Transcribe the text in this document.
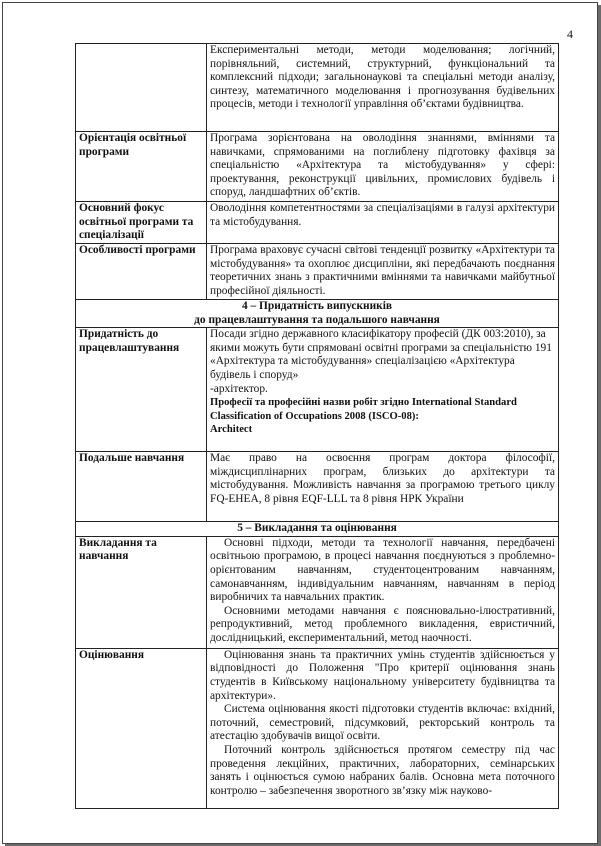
4
	Експериментальні методи, методи моделювання; логічний, порівняльний, системний, структурний, функціональний та комплексний підходи; загальнонаукові та спеціальні методи аналізу, синтезу, математичного моделювання і прогнозування будівельних процесів, методи і технології управління об’єктами будівництва.
Орієнтація освітньої програми	Програма зорієнтована на оволодіння знаннями, вміннями та навичками, спрямованими на поглиблену підготовку фахівця за спеціальністю «Архітектура та містобудування» у сфері: проектування, реконструкції цивільних, промислових будівель і споруд, ландшафтних об’єктів.
Основний фокус освітньої програми та спеціалізації	Оволодіння компетентностями за спеціалізаціями в галузі архітектури та містобудування.
Особливості програми	Програма враховує сучасні світові тенденції розвитку «Архітектури та містобудування» та охоплює дисципліни, які передбачають поєднання теоретичних знань з практичними вміннями та навичками майбутньої професійної діяльності.

4 – Придатність випускників
до працевлаштування та подальшого навчання	

Придатність до працевлаштування	Посади згідно державного класифікатору професій (ДК 003:2010), за якими можуть бути спрямовані освітні програми за спеціальністю 191 «Архітектура та містобудування» спеціалізацією «Архітектура будівель і споруд»
-архітектор.
Професії та професійні назви робіт згідно International Standard Classification of Occupations 2008 (ISCO-08):
Architect

Подальше навчання	Має право на освоєння програм доктора філософії, міждисциплінарних програм, близьких до архітектури та містобудування. Можливість навчання за програмою третього циклу FQ-EHEA, 8 рівня EQF-LLL та 8 рівня НРК України

5 – Викладання та оцінювання	

Викладання та навчання	Основні підходи, методи та технології навчання, передбачені освітньою програмою, в процесі навчання поєднуються з проблемно-орієнтованим навчанням, студентоцентрованим навчанням, самонавчанням, індивідуальним навчанням, навчанням в період виробничих та навчальних практик.
Основними методами навчання є пояснювально-ілюстративний, репродуктивний, метод проблемного викладення, евристичний, дослідницький, експериментальний, метод наочності.

Оцінювання	Оцінювання знань та практичних умінь студентів здійснюється у відповідності до Положення "Про критерії оцінювання знань студентів в Київському національному університету будівництва та архітектури».
Система оцінювання якості підготовки студентів включає: вхідний, поточний, семестровий, підсумковий, ректорський контроль та атестацію здобувачів вищої освіти.
Поточний контроль здійснюється протягом семестру під час проведення лекційних, практичних, лабораторних, семінарських занять і оцінюється сумою набраних балів. Основна мета поточного контролю – забезпечення зворотного зв’язку між науково-
